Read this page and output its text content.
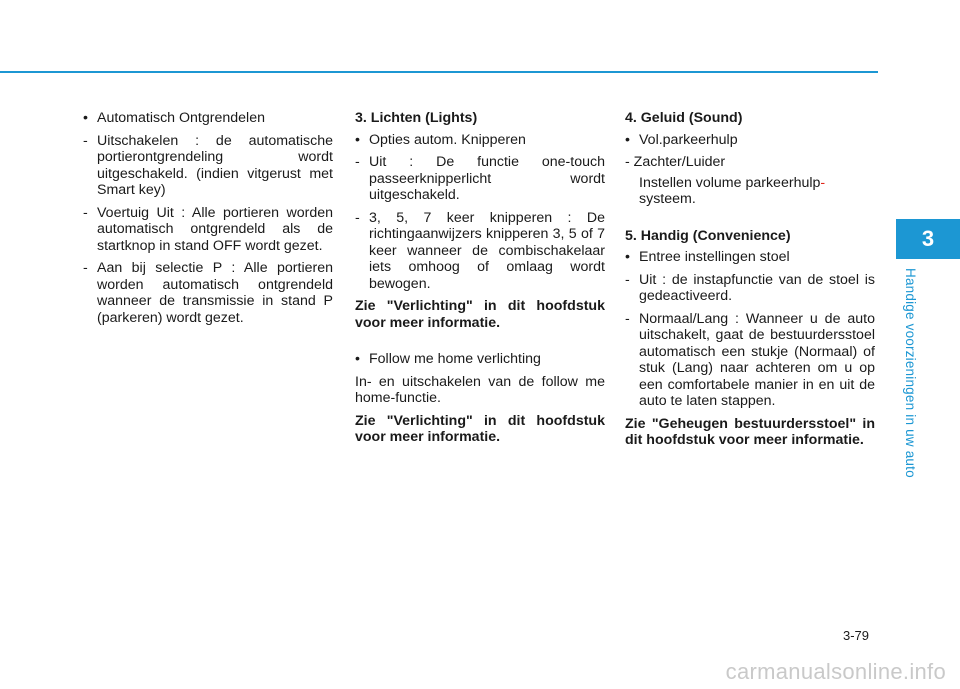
• Automatisch Ontgrendelen
- Uitschakelen : de automatische portierontgrendeling wordt uitgeschakeld. (indien vitgerust met Smart key)
- Voertuig Uit : Alle portieren worden automatisch ontgrendeld als de startknop in stand OFF wordt gezet.
- Aan bij selectie P : Alle portieren worden automatisch ontgrendeld wanneer de transmissie in stand P (parkeren) wordt gezet.
3. Lichten (Lights)
• Opties autom. Knipperen
- Uit : De functie one-touch passeerknipperlicht wordt uitgeschakeld.
- 3, 5, 7 keer knipperen : De richtingaanwijzers knipperen 3, 5 of 7 keer wanneer de combischakelaar iets omhoog of omlaag wordt bewogen.
Zie "Verlichting" in dit hoofdstuk voor meer informatie.
• Follow me home verlichting
In- en uitschakelen van de follow me home-functie.
Zie "Verlichting" in dit hoofdstuk voor meer informatie.
4. Geluid (Sound)
• Vol.parkeerhulp
- Zachter/Luider
Instellen volume parkeerhulp-
systeem.
5. Handig (Convenience)
• Entree instellingen stoel
- Uit : de instapfunctie van de stoel is gedeactiveerd.
- Normaal/Lang : Wanneer u de auto uitschakelt, gaat de bestuurdersstoel automatisch een stukje (Normaal) of stuk (Lang) naar achteren om u op een comfortabele manier in en uit de auto te laten stappen.
Zie "Geheugen bestuurdersstoel" in dit hoofdstuk voor meer informatie.
3
Handige voorzieningen in uw auto
3-79
carmanualsonline.info
